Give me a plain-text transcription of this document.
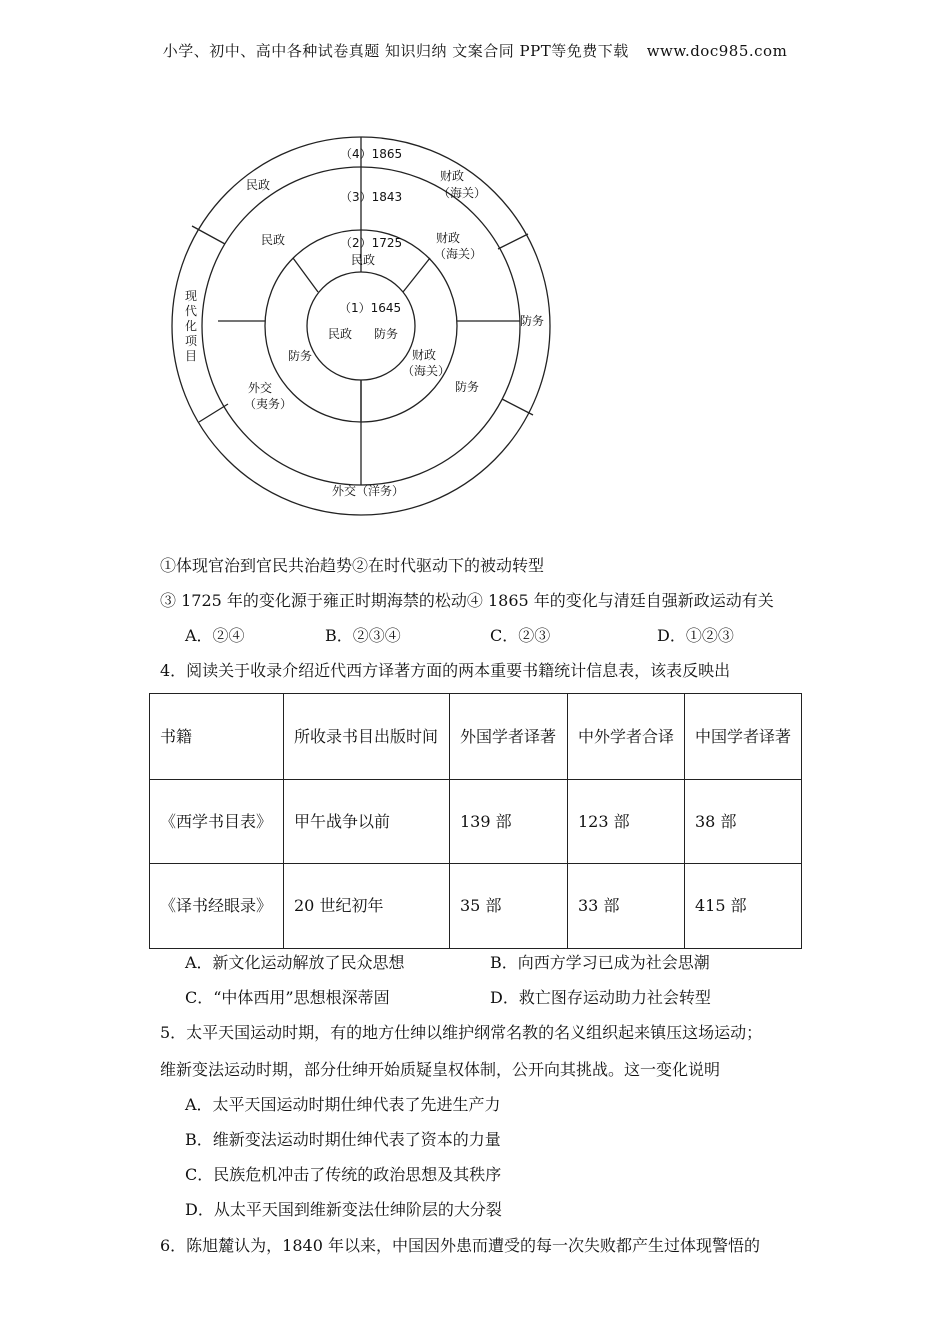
小学、初中、高中各种试卷真题 知识归纳 文案合同 PPT等免费下载 www.doc985.com
（4）1865
民政
财政
（海关）
防务
外交（洋务）
现
代
化
项
目
（3）1843
民政	财政
（海关）
防务
外交
（夷务）
（2）1725
民政
防务	财政
（海关）
（1）1645
民政 防务
①体现官治到官民共治趋势②在时代驱动下的被动转型
③ 1725 年的变化源于雍正时期海禁的松动④ 1865 年的变化与清廷自强新政运动有关
A．②④	B．②③④	C．②③	D．①②③
4．阅读关于收录介绍近代西方译著方面的两本重要书籍统计信息表，该表反映出
书籍	所收录书目出版时间	外国学者译著	中外学者合译	中国学者译著
《西学书目表》	甲午战争以前	139 部	123 部	38 部
《译书经眼录》	20 世纪初年	35 部	33 部	415 部
A．新文化运动解放了民众思想	B．向西方学习已成为社会思潮
C．“中体西用”思想根深蒂固	D．救亡图存运动助力社会转型
5．太平天国运动时期，有的地方仕绅以维护纲常名教的名义组织起来镇压这场运动；
维新变法运动时期，部分仕绅开始质疑皇权体制，公开向其挑战。这一变化说明
A．太平天国运动时期仕绅代表了先进生产力
B．维新变法运动时期仕绅代表了资本的力量
C．民族危机冲击了传统的政治思想及其秩序
D．从太平天国到维新变法仕绅阶层的大分裂
6．陈旭麓认为，1840 年以来，中国因外患而遭受的每一次失败都产生过体现警悟的
